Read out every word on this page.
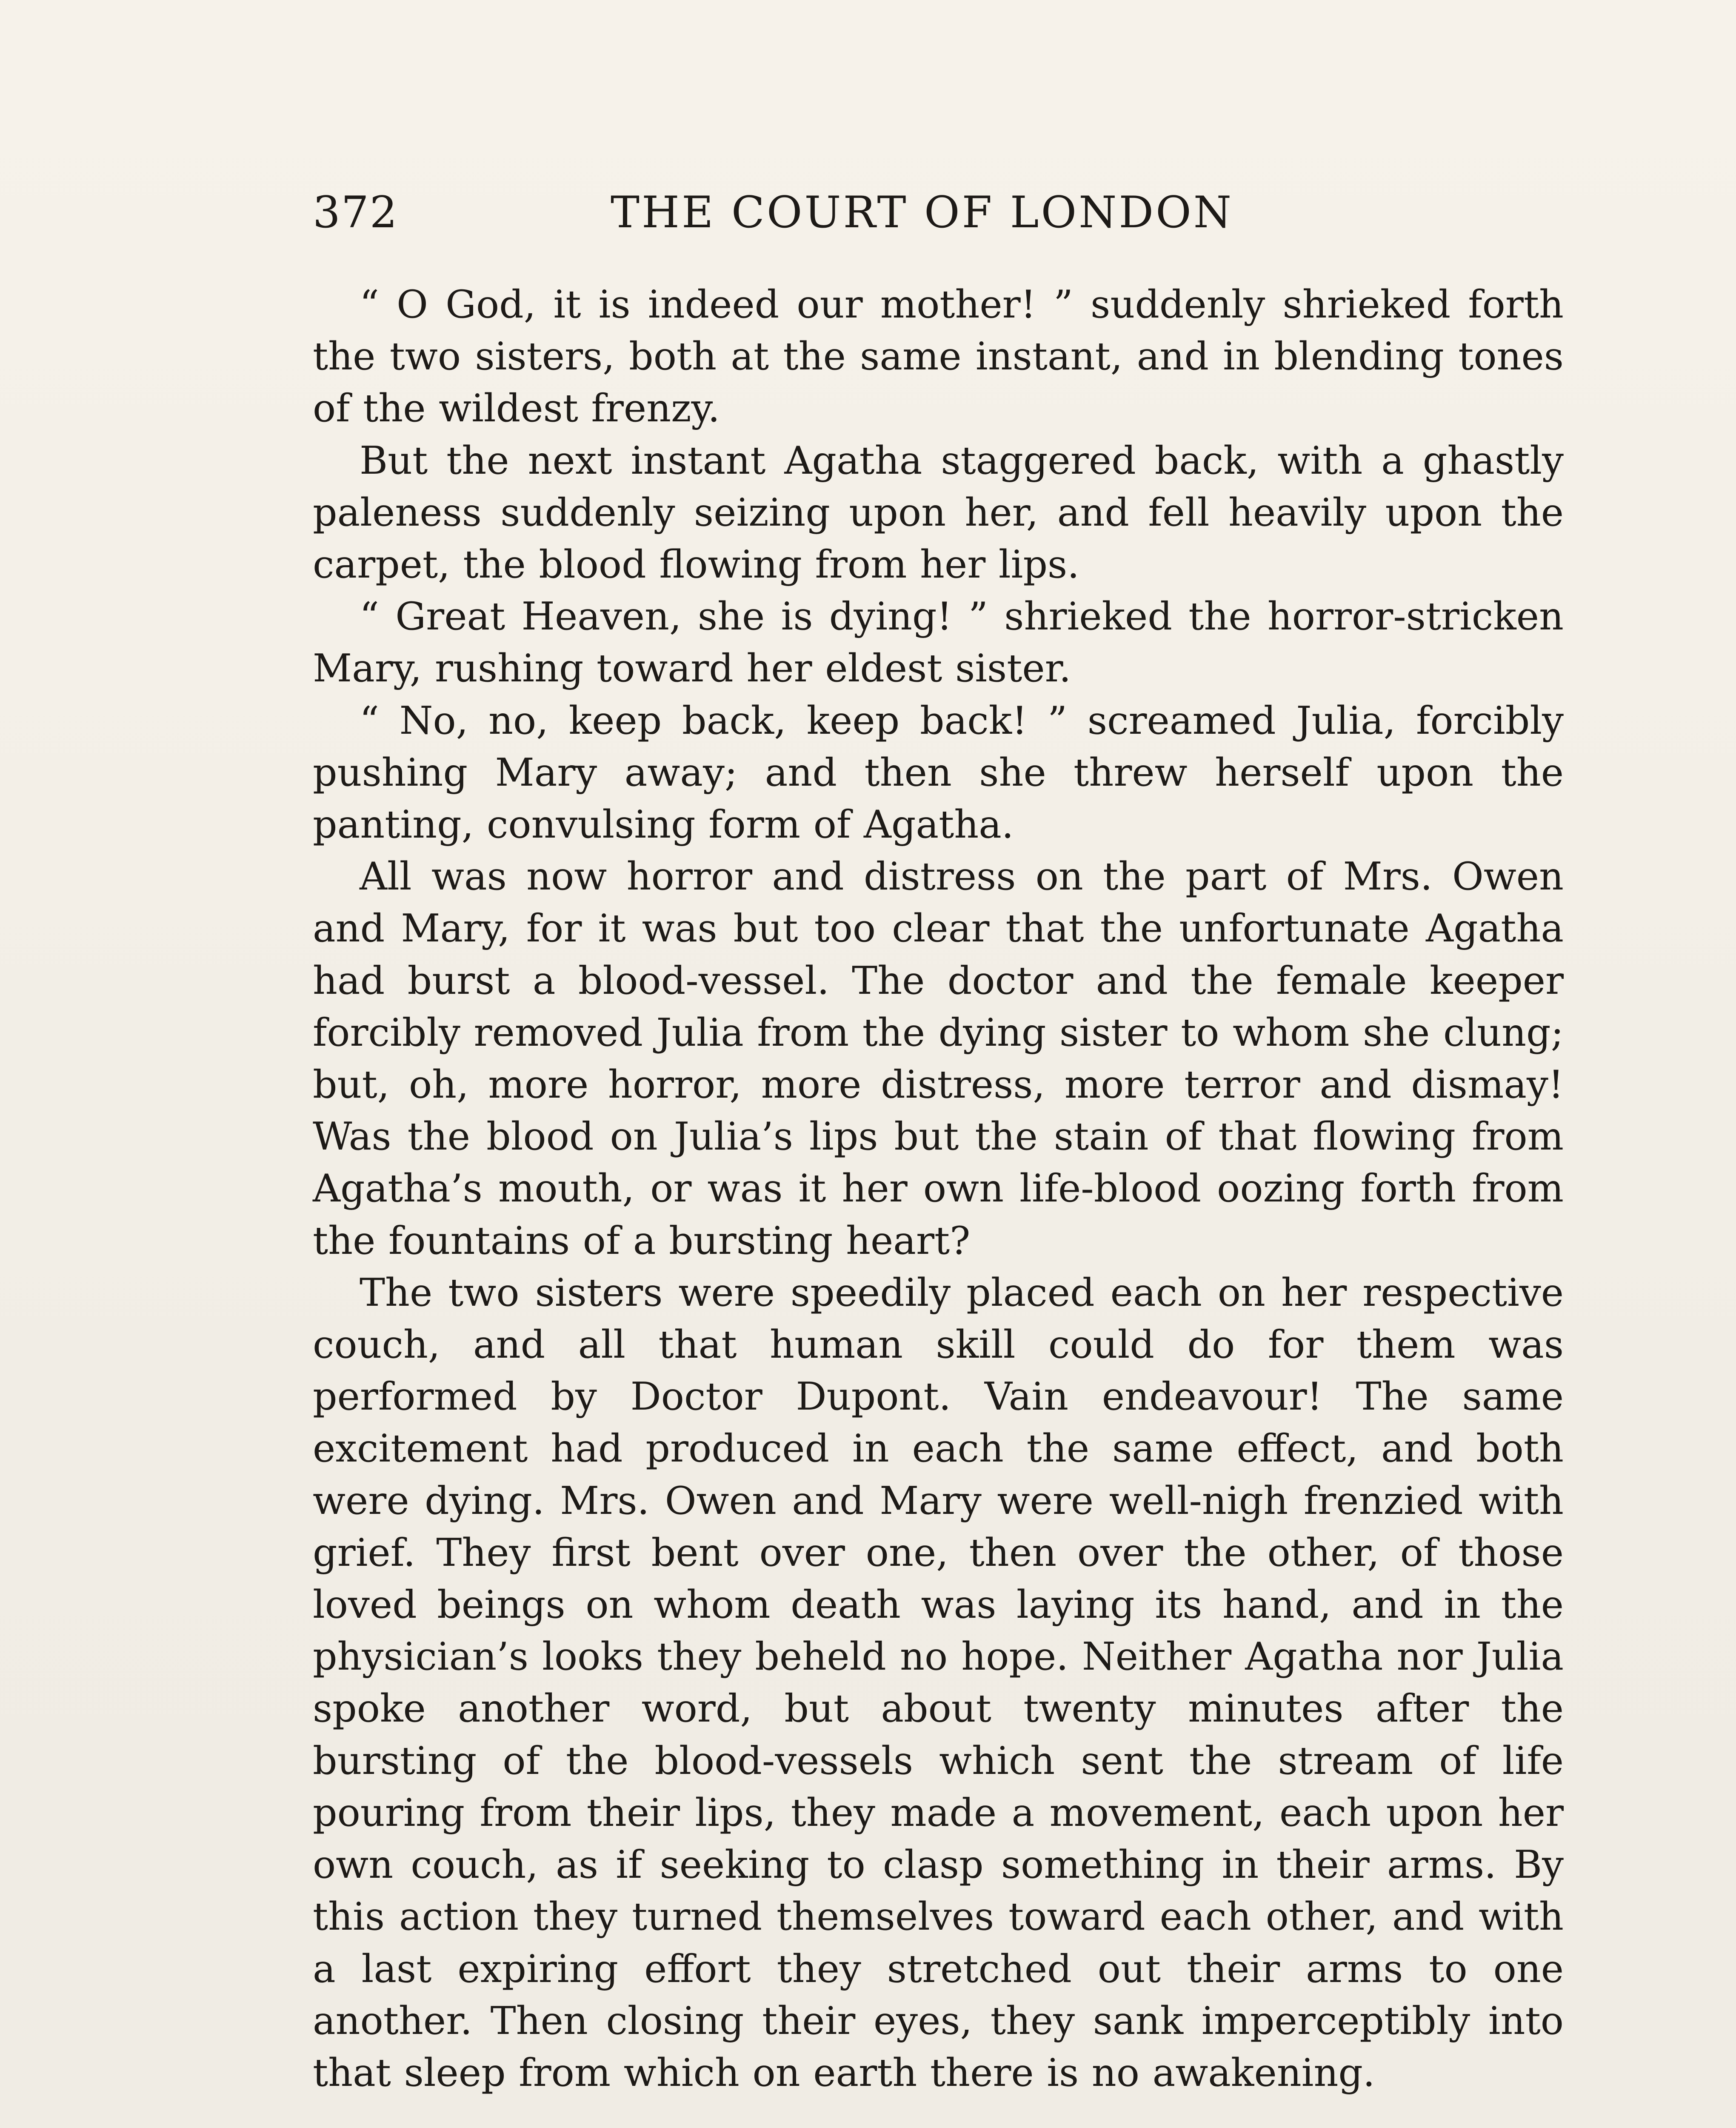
372	THE COURT OF LONDON

“ O God, it is indeed our mother! ” suddenly shrieked forth the two sisters, both at the same instant, and in blending tones of the wildest frenzy.

But the next instant Agatha staggered back, with a ghastly paleness suddenly seizing upon her, and fell heavily upon the carpet, the blood flowing from her lips.

“ Great Heaven, she is dying! ” shrieked the horror-stricken Mary, rushing toward her eldest sister.

“ No, no, keep back, keep back! ” screamed Julia, forcibly pushing Mary away; and then she threw herself upon the panting, convulsing form of Agatha.

All was now horror and distress on the part of Mrs. Owen and Mary, for it was but too clear that the unfortunate Agatha had burst a blood-vessel. The doctor and the female keeper forcibly removed Julia from the dying sister to whom she clung; but, oh, more horror, more distress, more terror and dismay! Was the blood on Julia’s lips but the stain of that flowing from Agatha’s mouth, or was it her own life-blood oozing forth from the fountains of a bursting heart?

The two sisters were speedily placed each on her respective couch, and all that human skill could do for them was performed by Doctor Dupont. Vain endeavour! The same excitement had produced in each the same effect, and both were dying. Mrs. Owen and Mary were well-nigh frenzied with grief. They first bent over one, then over the other, of those loved beings on whom death was laying its hand, and in the physician’s looks they beheld no hope. Neither Agatha nor Julia spoke another word, but about twenty minutes after the bursting of the blood-vessels which sent the stream of life pouring from their lips, they made a movement, each upon her own couch, as if seeking to clasp something in their arms. By this action they turned themselves toward each other, and with a last expiring effort they stretched out their arms to one another. Then closing their eyes, they sank imperceptibly into that sleep from which on earth there is no awakening.
